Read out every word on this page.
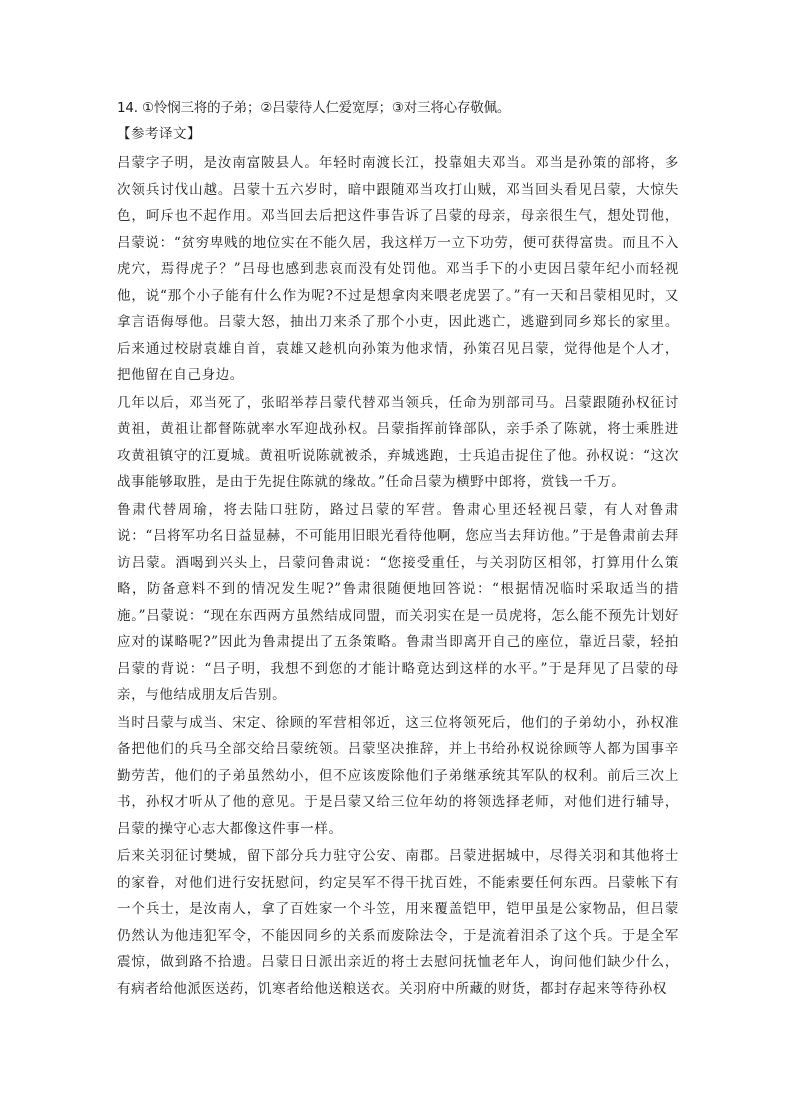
14. ①怜悯三将的子弟；②吕蒙待人仁爱宽厚；③对三将心存敬佩。

【参考译文】

吕蒙字子明，是汝南富陂县人。年轻时南渡长江，投靠姐夫邓当。邓当是孙策的部将，多次领兵讨伐山越。吕蒙十五六岁时，暗中跟随邓当攻打山贼，邓当回头看见吕蒙，大惊失色，呵斥也不起作用。邓当回去后把这件事告诉了吕蒙的母亲，母亲很生气，想处罚他，吕蒙说：“贫穷卑贱的地位实在不能久居，我这样万一立下功劳，便可获得富贵。而且不入虎穴，焉得虎子？”吕母也感到悲哀而没有处罚他。邓当手下的小吏因吕蒙年纪小而轻视他，说“那个小子能有什么作为呢?不过是想拿肉来喂老虎罢了。”有一天和吕蒙相见时，又拿言语侮辱他。吕蒙大怒，抽出刀来杀了那个小吏，因此逃亡，逃避到同乡郑长的家里。后来通过校尉袁雄自首，袁雄又趁机向孙策为他求情，孙策召见吕蒙，觉得他是个人才，把他留在自己身边。

几年以后，邓当死了，张昭举荐吕蒙代替邓当领兵，任命为别部司马。吕蒙跟随孙权征讨黄祖，黄祖让都督陈就率水军迎战孙权。吕蒙指挥前锋部队，亲手杀了陈就，将士乘胜进攻黄祖镇守的江夏城。黄祖听说陈就被杀，弃城逃跑，士兵追击捉住了他。孙权说：“这次战事能够取胜，是由于先捉住陈就的缘故。”任命吕蒙为横野中郎将，赏钱一千万。

鲁肃代替周瑜，将去陆口驻防，路过吕蒙的军营。鲁肃心里还轻视吕蒙，有人对鲁肃说：“吕将军功名日益显赫，不可能用旧眼光看待他啊，您应当去拜访他。”于是鲁肃前去拜访吕蒙。酒喝到兴头上，吕蒙问鲁肃说：“您接受重任，与关羽防区相邻，打算用什么策略，防备意料不到的情况发生呢?”鲁肃很随便地回答说：“根据情况临时采取适当的措施。”吕蒙说：“现在东西两方虽然结成同盟，而关羽实在是一员虎将，怎么能不预先计划好应对的谋略呢?”因此为鲁肃提出了五条策略。鲁肃当即离开自己的座位，靠近吕蒙，轻拍吕蒙的背说：“吕子明，我想不到您的才能计略竟达到这样的水平。”于是拜见了吕蒙的母亲，与他结成朋友后告别。

当时吕蒙与成当、宋定、徐顾的军营相邻近，这三位将领死后，他们的子弟幼小，孙权准备把他们的兵马全部交给吕蒙统领。吕蒙坚决推辞，并上书给孙权说徐顾等人都为国事辛勤劳苦，他们的子弟虽然幼小，但不应该废除他们子弟继承统其军队的权利。前后三次上书，孙权才听从了他的意见。于是吕蒙又给三位年幼的将领选择老师，对他们进行辅导，吕蒙的操守心志大都像这件事一样。

后来关羽征讨樊城，留下部分兵力驻守公安、南郡。吕蒙进据城中，尽得关羽和其他将士的家眷，对他们进行安抚慰问，约定吴军不得干扰百姓，不能索要任何东西。吕蒙帐下有一个兵士，是汝南人，拿了百姓家一个斗笠，用来覆盖铠甲，铠甲虽是公家物品，但吕蒙仍然认为他违犯军令，不能因同乡的关系而废除法令，于是流着泪杀了这个兵。于是全军震惊，做到路不拾遗。吕蒙日日派出亲近的将士去慰问抚恤老年人，询问他们缺少什么，有病者给他派医送药，饥寒者给他送粮送衣。关羽府中所藏的财货，都封存起来等待孙权
